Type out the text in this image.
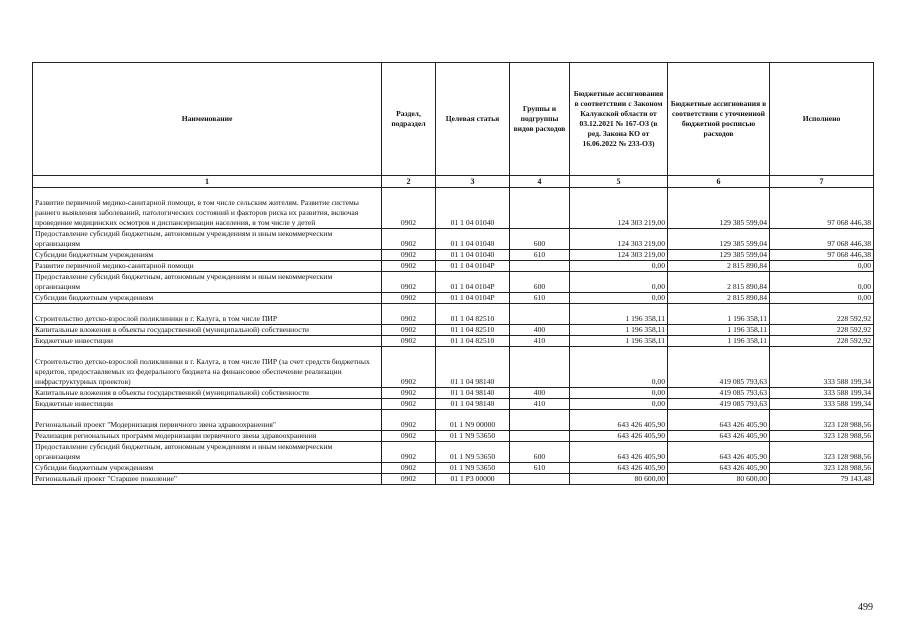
Наименование	Раздел, подраздел	Целевая статья	Группы и подгруппы видов расходов	Бюджетные ассигнования в соответствии с Законом Калужской области от 03.12.2021 № 167-ОЗ (в ред. Закона КО от 16.06.2022 № 233-ОЗ)	Бюджетные ассигнования в соответствии с уточненной бюджетной росписью расходов	Исполнено
1	2	3	4	5	6	7
Развитие первичной медико-санитарной помощи, в том числе сельским жителям. Развитие системы раннего выявления заболеваний, патологических состояний и факторов риска их развития, включая проведение медицинских осмотров и диспансеризации населения, в том числе у детей	0902	01 1 04 01040		124 303 219,00	129 385 599,04	97 068 446,38
Предоставление субсидий бюджетным, автономным учреждениям и иным некоммерческим организациям	0902	01 1 04 01040	600	124 303 219,00	129 385 599,04	97 068 446,38
Субсидии бюджетным учреждениям	0902	01 1 04 01040	610	124 303 219,00	129 385 599,04	97 068 446,38
Развитие первичной медико-санитарной помощи	0902	01 1 04 0104P		0,00	2 815 890,84	0,00
Предоставление субсидий бюджетным, автономным учреждениям и иным некоммерческим организациям	0902	01 1 04 0104P	600	0,00	2 815 890,84	0,00
Субсидии бюджетным учреждениям	0902	01 1 04 0104P	610	0,00	2 815 890,84	0,00
Строительство детско-взрослой поликлиники в г. Калуга, в том числе ПИР	0902	01 1 04 82510		1 196 358,11	1 196 358,11	228 592,92
Капитальные вложения в объекты государственной (муниципальной) собственности	0902	01 1 04 82510	400	1 196 358,11	1 196 358,11	228 592,92
Бюджетные инвестиции	0902	01 1 04 82510	410	1 196 358,11	1 196 358,11	228 592,92
Строительство детско-взрослой поликлиники в г. Калуга, в том числе ПИР (за счет средств бюджетных кредитов, предоставляемых из федерального бюджета на финансовое обеспечение реализации инфраструктурных проектов)	0902	01 1 04 98140		0,00	419 085 793,63	333 588 199,34
Капитальные вложения в объекты государственной (муниципальной) собственности	0902	01 1 04 98140	400	0,00	419 085 793,63	333 588 199,34
Бюджетные инвестиции	0902	01 1 04 98140	410	0,00	419 085 793,63	333 588 199,34
Региональный проект "Модернизация первичного звена здравоохранения"	0902	01 1 N9 00000		643 426 405,90	643 426 405,90	323 128 988,56
Реализация региональных программ модернизации первичного звена здравоохранения	0902	01 1 N9 53650		643 426 405,90	643 426 405,90	323 128 988,56
Предоставление субсидий бюджетным, автономным учреждениям и иным некоммерческим организациям	0902	01 1 N9 53650	600	643 426 405,90	643 426 405,90	323 128 988,56
Субсидии бюджетным учреждениям	0902	01 1 N9 53650	610	643 426 405,90	643 426 405,90	323 128 988,56
Региональный проект "Старшее поколение"	0902	01 1 P3 00000		80 600,00	80 600,00	79 143,48
499
